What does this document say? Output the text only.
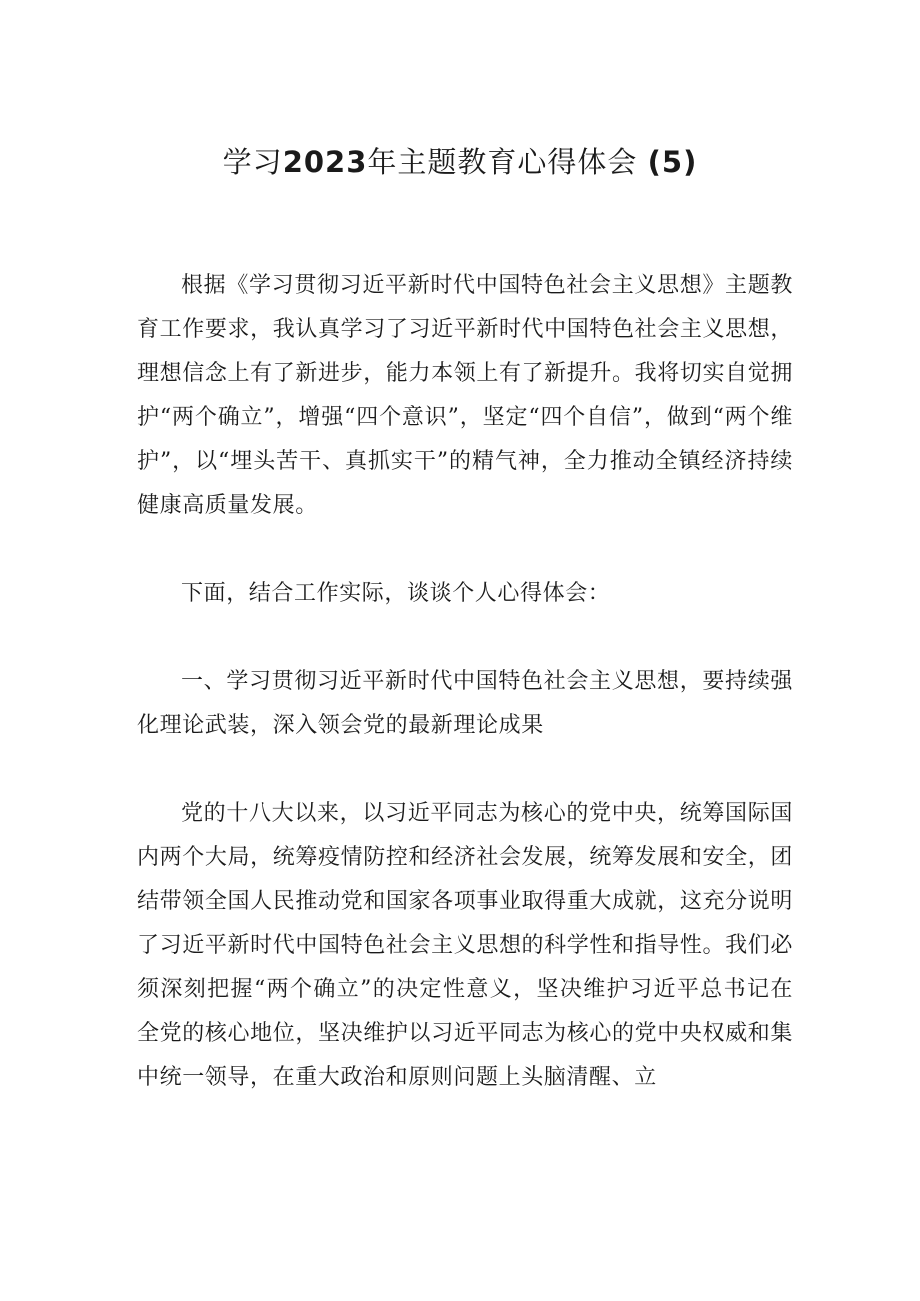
学习2023年主题教育心得体会 (5)

根据《学习贯彻习近平新时代中国特色社会主义思想》主题教育工作要求，我认真学习了习近平新时代中国特色社会主义思想，理想信念上有了新进步，能力本领上有了新提升。我将切实自觉拥护“两个确立”，增强“四个意识”，坚定“四个自信”，做到“两个维护”，以“埋头苦干、真抓实干”的精气神，全力推动全镇经济持续健康高质量发展。

下面，结合工作实际，谈谈个人心得体会：

一、学习贯彻习近平新时代中国特色社会主义思想，要持续强化理论武装，深入领会党的最新理论成果

党的十八大以来，以习近平同志为核心的党中央，统筹国际国内两个大局，统筹疫情防控和经济社会发展，统筹发展和安全，团结带领全国人民推动党和国家各项事业取得重大成就，这充分说明了习近平新时代中国特色社会主义思想的科学性和指导性。我们必须深刻把握“两个确立”的决定性意义，坚决维护习近平总书记在全党的核心地位，坚决维护以习近平同志为核心的党中央权威和集中统一领导，在重大政治和原则问题上头脑清醒、立
